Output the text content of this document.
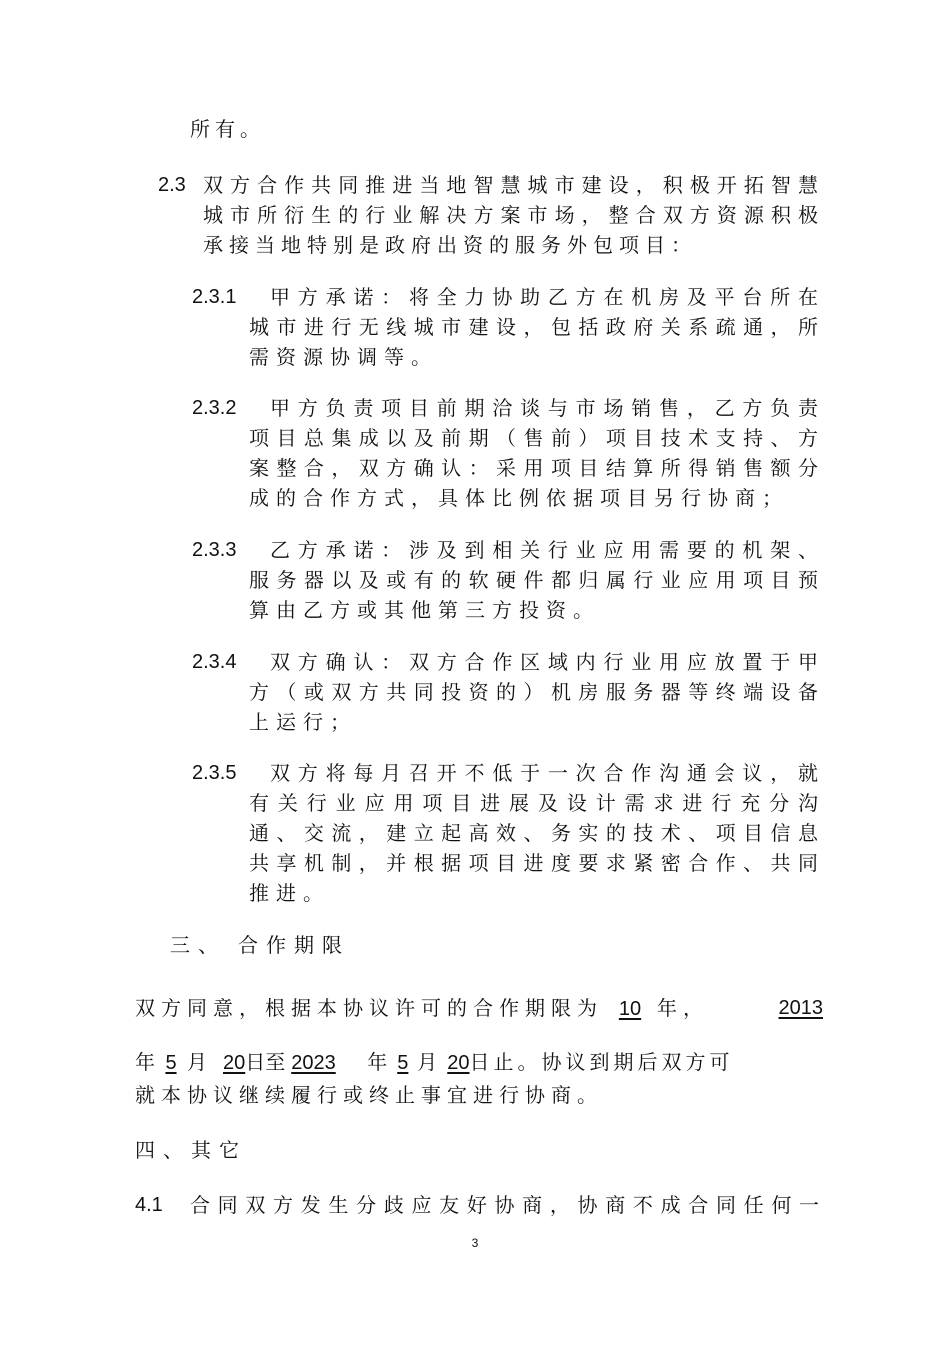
所有。
2.3 双方合作共同推进当地智慧城市建设，积极开拓智慧
城市所衍生的行业解决方案市场，整合双方资源积极
承接当地特别是政府出资的服务外包项目：
2.3.1 甲方承诺：将全力协助乙方在机房及平台所在
城市进行无线城市建设，包括政府关系疏通，所
需资源协调等。
2.3.2 甲方负责项目前期洽谈与市场销售，乙方负责
项目总集成以及前期（售前）项目技术支持、方
案整合，双方确认：采用项目结算所得销售额分
成的合作方式，具体比例依据项目另行协商；
2.3.3 乙方承诺：涉及到相关行业应用需要的机架、
服务器以及或有的软硬件都归属行业应用项目预
算由乙方或其他第三方投资。
2.3.4 双方确认：双方合作区域内行业用应放置于甲
方（或双方共同投资的）机房服务器等终端设备
上运行；
2.3.5 双方将每月召开不低于一次合作沟通会议，就
有关行业应用项目进展及设计需求进行充分沟
通、交流，建立起高效、务实的技术、项目信息
共享机制，并根据项目进度要求紧密合作、共同
推进。
三、 合作期限
双方同意，根据本协议许可的合作期限为 10 年，	2013
年 5 月 20日至 2023 年 5 月 20日止。协议到期后双方可
就本协议继续履行或终止事宜进行协商。
四、其它
4.1 合同双方发生分歧应友好协商，协商不成合同任何一
3
